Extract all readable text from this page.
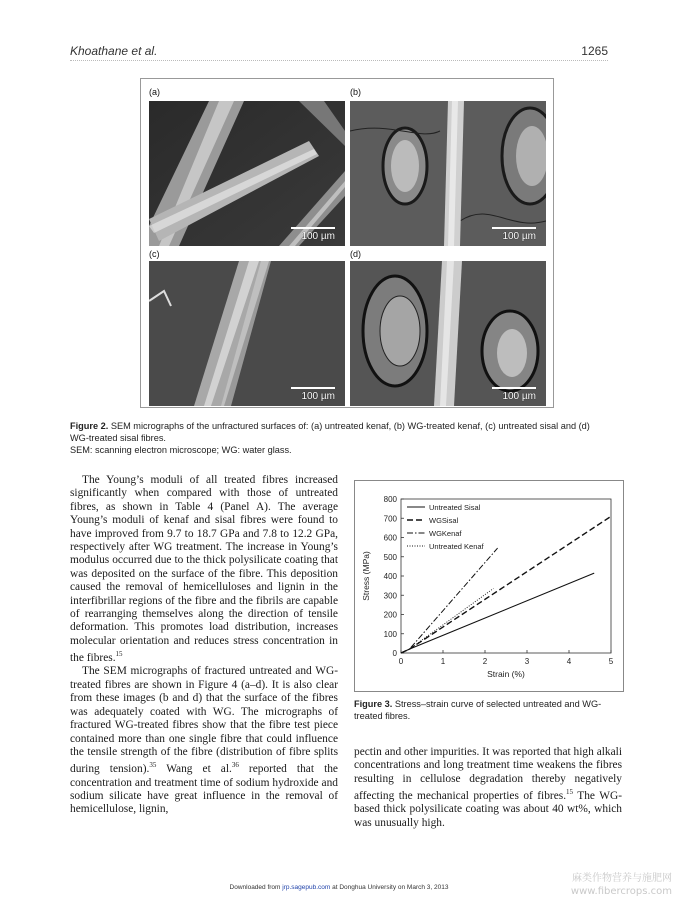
Khoathane et al.	1265
(a)	(b)
(c)	(d)
100 µm	100 µm
100 µm	100 µm
Figure 2. SEM micrographs of the unfractured surfaces of: (a) untreated kenaf, (b) WG-treated kenaf, (c) untreated sisal and (d) WG-treated sisal fibres.
SEM: scanning electron microscope; WG: water glass.

The Young’s moduli of all treated fibres increased significantly when compared with those of untreated fibres, as shown in Table 4 (Panel A). The average Young’s moduli of kenaf and sisal fibres were found to have improved from 9.7 to 18.7 GPa and 7.8 to 12.2 GPa, respectively after WG treatment. The increase in Young’s modulus occurred due to the thick polysilicate coating that was deposited on the surface of the fibre. This deposition caused the removal of hemicelluloses and lignin in the interfibrillar regions of the fibre and the fibrils are capable of rearranging themselves along the direction of tensile deformation. This promotes load distribution, increases molecular orientation and reduces stress concentration in the fibres.$^{15}$

The SEM micrographs of fractured untreated and WG-treated fibres are shown in Figure 4 (a–d). It is also clear from these images (b and d) that the surface of the fibres was adequately coated with WG. The micrographs of fractured WG-treated fibres show that the fibre test piece contained more than one single fibre that could influence the tensile strength of the fibre (distribution of fibre splits during tension).$^{35}$ Wang et al.$^{36}$ reported that the concentration and treatment time of sodium hydroxide and sodium silicate have great influence in the removal of hemicellulose, lignin,

0
100
200
300
400
500
600
700
800
0	1	2	3	4	5
Strain (%)
Stress (MPa)
Untreated Sisal
WGSisal
WGKenaf
Untreated Kenaf
Figure 3. Stress–strain curve of selected untreated and WG-treated fibres.

pectin and other impurities. It was reported that high alkali concentrations and long treatment time weakens the fibres resulting in cellulose degradation thereby negatively affecting the mechanical properties of fibres.$^{15}$ The WG-based thick polysilicate coating was about 40 wt%, which was unusually high.

Downloaded from jrp.sagepub.com at Donghua University on March 3, 2013
麻类作物营养与施肥网
www.fibercrops.com
